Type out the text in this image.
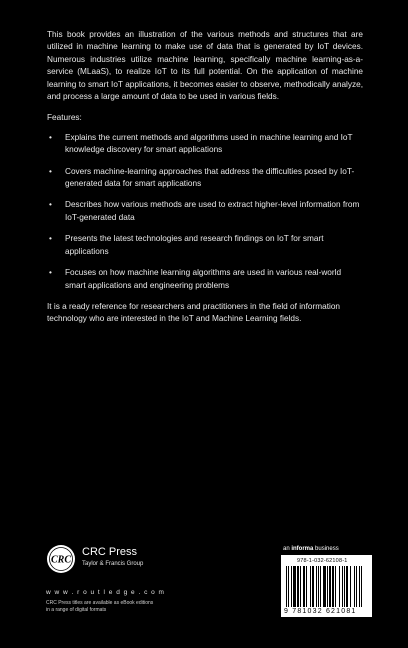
This book provides an illustration of the various methods and structures that are utilized in machine learning to make use of data that is generated by IoT devices. Numerous industries utilize machine learning, specifically machine learning-as-a-service (MLaaS), to realize IoT to its full potential. On the application of machine learning to smart IoT applications, it becomes easier to observe, methodically analyze, and process a large amount of data to be used in various fields.

Features:

• Explains the current methods and algorithms used in machine learning and IoT knowledge discovery for smart applications
• Covers machine-learning approaches that address the difficulties posed by IoT-generated data for smart applications
• Describes how various methods are used to extract higher-level information from IoT-generated data
• Presents the latest technologies and research findings on IoT for smart applications
• Focuses on how machine learning algorithms are used in various real-world smart applications and engineering problems

It is a ready reference for researchers and practitioners in the field of information technology who are interested in the IoT and Machine Learning fields.

CRC
CRC Press
Taylor & Francis Group
w w w . r o u t l e d g e . c o m
CRC Press titles are available as eBook editions in a range of digital formats
an informa business
978-1-032-62108-1
9 781032 621081
